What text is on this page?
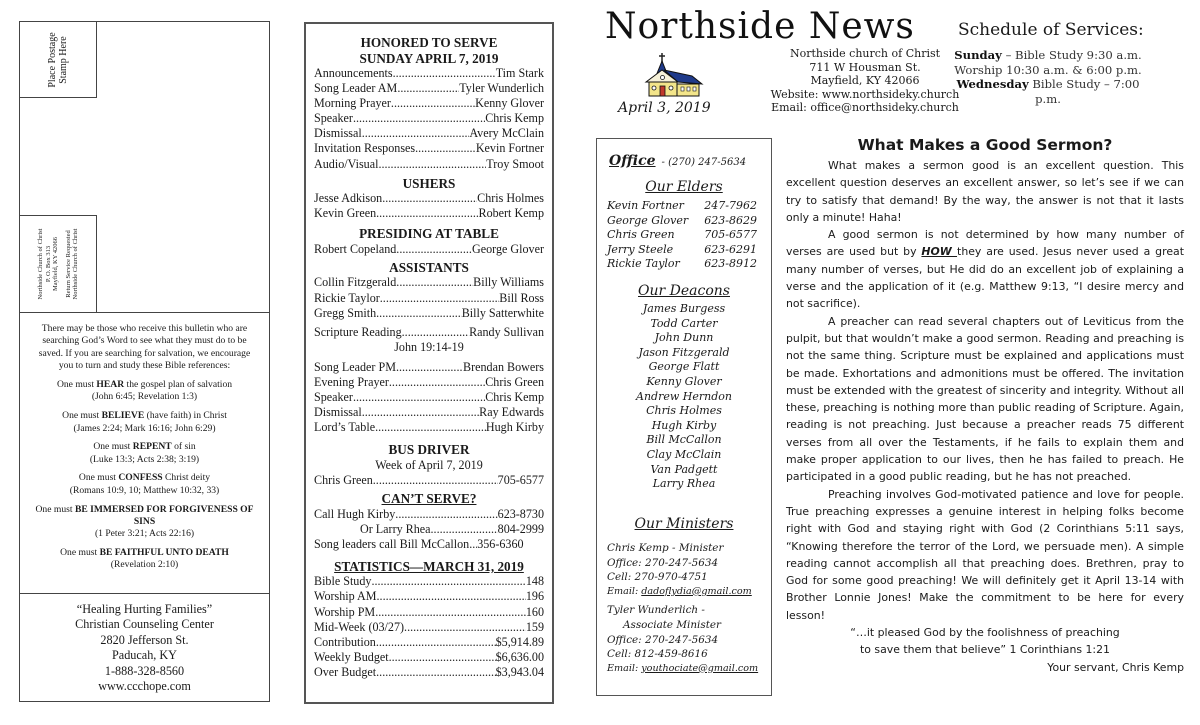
Place Postage Stamp Here
Northside Church of Christ P. O. Box 313 Mayfield, KY 42066 Return Service Requested Northside Church of Christ
There may be those who receive this bulletin who are searching God’s Word to see what they must do to be saved. If you are searching for salvation, we encourage you to turn and study these Bible references:
One must HEAR the gospel plan of salvation
(John 6:45; Revelation 1:3)
One must BELIEVE (have faith) in Christ
(James 2:24; Mark 16:16; John 6:29)
One must REPENT of sin
(Luke 13:3; Acts 2:38; 3:19)
One must CONFESS Christ deity
(Romans 10:9, 10; Matthew 10:32, 33)
One must BE IMMERSED FOR FORGIVENESS OF SINS
(1 Peter 3:21; Acts 22:16)
One must BE FAITHFUL UNTO DEATH
(Revelation 2:10)
“Healing Hurting Families”
Christian Counseling Center
2820 Jefferson St.
Paducah, KY
1-888-328-8560
www.ccchope.com
HONORED TO SERVE
SUNDAY APRIL 7, 2019
Announcements .....	Tim Stark
Song Leader AM .....	Tyler Wunderlich
Morning Prayer .....	Kenny Glover
Speaker .....	Chris Kemp
Dismissal .....	Avery McClain
Invitation Responses .....	Kevin Fortner
Audio/Visual .....	Troy Smoot
USHERS
Jesse Adkison .....	Chris Holmes
Kevin Green .....	Robert Kemp
PRESIDING AT TABLE
Robert Copeland .....	George Glover
ASSISTANTS
Collin Fitzgerald .....	Billy Williams
Rickie Taylor .....	Bill Ross
Gregg Smith .....	Billy Satterwhite
Scripture Reading .....	Randy Sullivan
John 19:14-19
Song Leader PM .....	Brendan Bowers
Evening Prayer .....	Chris Green
Speaker .....	Chris Kemp
Dismissal .....	Ray Edwards
Lord’s Table .....	Hugh Kirby
BUS DRIVER
Week of April 7, 2019
Chris Green .....	705-6577
CAN’T SERVE?
Call Hugh Kirby .....	623-8730
Or Larry Rhea .....	804-2999
Song leaders call Bill McCallon ..... 356-6360
STATISTICS—MARCH 31, 2019
Bible Study .....	148
Worship AM .....	196
Worship PM .....	160
Mid-Week (03/27) .....	159
Contribution .....	$5,914.89
Weekly Budget .....	$6,636.00
Over Budget .....	$3,943.04
Northside News
April 3, 2019
Northside church of Christ
711 W Housman St.
Mayfield, KY 42066
Website: www.northsideky.church
Email: office@northsideky.church
Schedule of Services:
Sunday – Bible Study 9:30 a.m.
Worship 10:30 a.m. & 6:00 p.m.
Wednesday Bible Study – 7:00 p.m.
Office - (270) 247-5634
Our Elders
Kevin Fortner 247-7962
George Glover 623-8629
Chris Green	705-6577
Jerry Steele	623-6291
Rickie Taylor 623-8912
Our Deacons
James Burgess
Todd Carter
John Dunn
Jason Fitzgerald
George Flatt
Kenny Glover
Andrew Herndon
Chris Holmes
Hugh Kirby
Bill McCallon
Clay McClain
Van Padgett
Larry Rhea
Our Ministers
Chris Kemp - Minister
Office: 270-247-5634
Cell: 270-970-4751
Email: dadoflydia@gmail.com
Tyler Wunderlich -
Associate Minister
Office: 270-247-5634
Cell: 812-459-8616
Email: youthociate@gmail.com
What Makes a Good Sermon?

What makes a sermon good is an excellent question. This excellent question deserves an excellent answer, so let’s see if we can try to satisfy that demand! By the way, the answer is not that it lasts only a minute! Haha!

A good sermon is not determined by how many number of verses are used but by HOW they are used. Jesus never used a great many number of verses, but He did do an excellent job of explaining a verse and the application of it (e.g. Matthew 9:13, “I desire mercy and not sacrifice).

A preacher can read several chapters out of Leviticus from the pulpit, but that wouldn’t make a good sermon. Reading and preaching is not the same thing. Scripture must be explained and applications must be made. Exhortations and admonitions must be offered. The invitation must be extended with the greatest of sincerity and integrity. Without all these, preaching is nothing more than public reading of Scripture. Again, reading is not preaching. Just because a preacher reads 75 different verses from all over the Testaments, if he fails to explain them and make proper application to our lives, then he has failed to preach. He participated in a good public reading, but he has not preached.

Preaching involves God-motivated patience and love for people. True preaching expresses a genuine interest in helping folks become right with God and staying right with God (2 Corinthians 5:11 says, “Knowing therefore the terror of the Lord, we persuade men). A simple reading cannot accomplish all that preaching does. Brethren, pray to God for some good preaching! We will definitely get it April 13-14 with Brother Lonnie Jones! Make the commitment to be here for every lesson!

“…it pleased God by the foolishness of preaching

to save them that believe” 1 Corinthians 1:21

Your servant, Chris Kemp
